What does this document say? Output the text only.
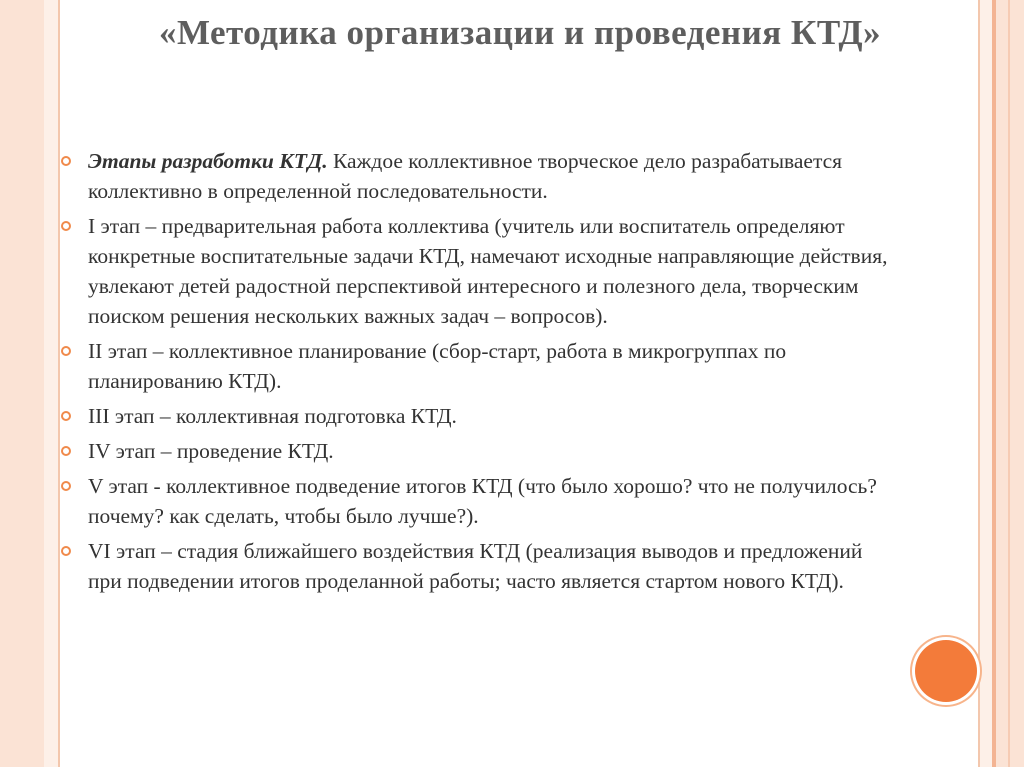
«Методика организации и проведения КТД»
Этапы разработки КТД. Каждое коллективное творческое дело разрабатывается коллективно в определенной последовательности.
I этап – предварительная работа коллектива (учитель или воспитатель определяют конкретные воспитательные задачи КТД, намечают исходные направляющие действия, увлекают детей радостной перспективой интересного и полезного дела, творческим поиском решения нескольких важных задач – вопросов).
II этап – коллективное планирование (сбор-старт, работа в микрогруппах по планированию КТД).
III этап – коллективная подготовка КТД.
IV этап – проведение КТД.
V этап - коллективное подведение итогов КТД (что было хорошо? что не получилось? почему? как сделать, чтобы было лучше?).
VI этап – стадия ближайшего воздействия КТД (реализация выводов и предложений при подведении итогов проделанной работы; часто является стартом нового КТД).
